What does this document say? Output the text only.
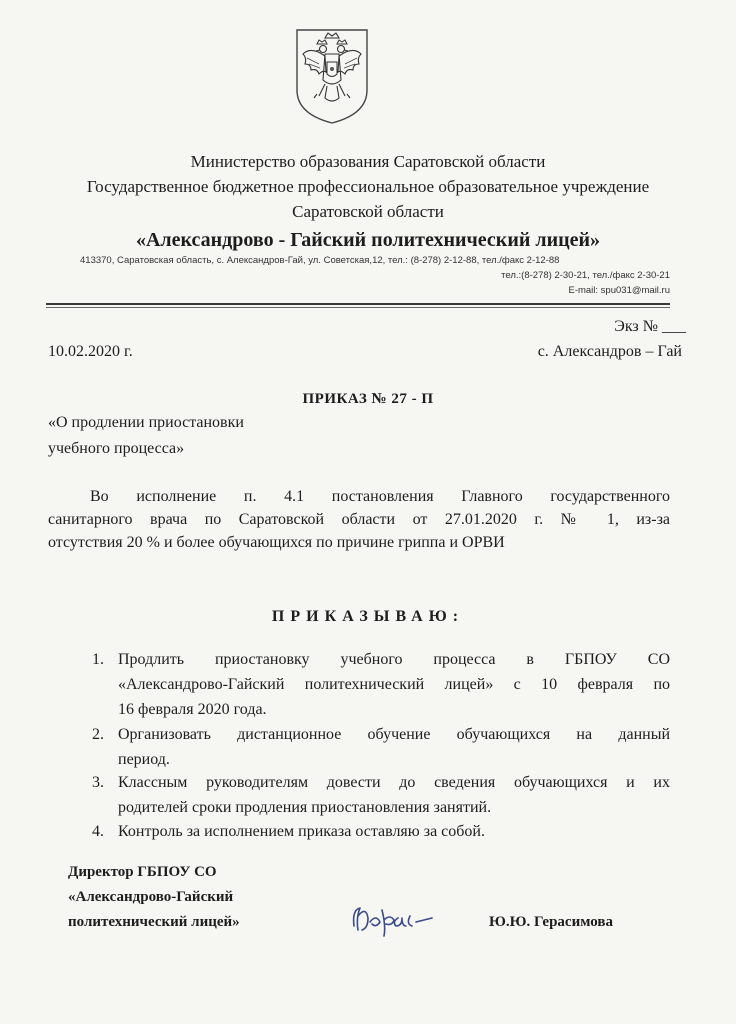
Министерство образования Саратовской области
Государственное бюджетное профессиональное образовательное учреждение
Саратовской области
«Александрово - Гайский политехнический лицей»
413370, Саратовская область, с. Александров-Гай, ул. Советская,12, тел.: (8-278) 2-12-88, тел./факс 2-12-88
тел.:(8-278) 2-30-21, тел./факс 2-30-21
E-mail: spu031@mail.ru
Экз № ___
10.02.2020 г.	с. Александров – Гай
ПРИКАЗ № 27 - П
«О продлении приостановки
учебного процесса»
Во исполнение п. 4.1 постановления Главного государственного
санитарного врача по Саратовской области от 27.01.2020 г. № 1, из-за
отсутствия 20 % и более обучающихся по причине гриппа и ОРВИ
ПРИКАЗЫВАЮ:
1. Продлить приостановку учебного процесса в ГБПОУ СО
«Александрово-Гайский политехнический лицей» с 10 февраля по
16 февраля 2020 года.
2. Организовать дистанционное обучение обучающихся на данный
период.
3. Классным руководителям довести до сведения обучающихся и их
родителей сроки продления приостановления занятий.
4. Контроль за исполнением приказа оставляю за собой.
Директор ГБПОУ СО
«Александрово-Гайский
политехнический лицей»	Ю.Ю. Герасимова
